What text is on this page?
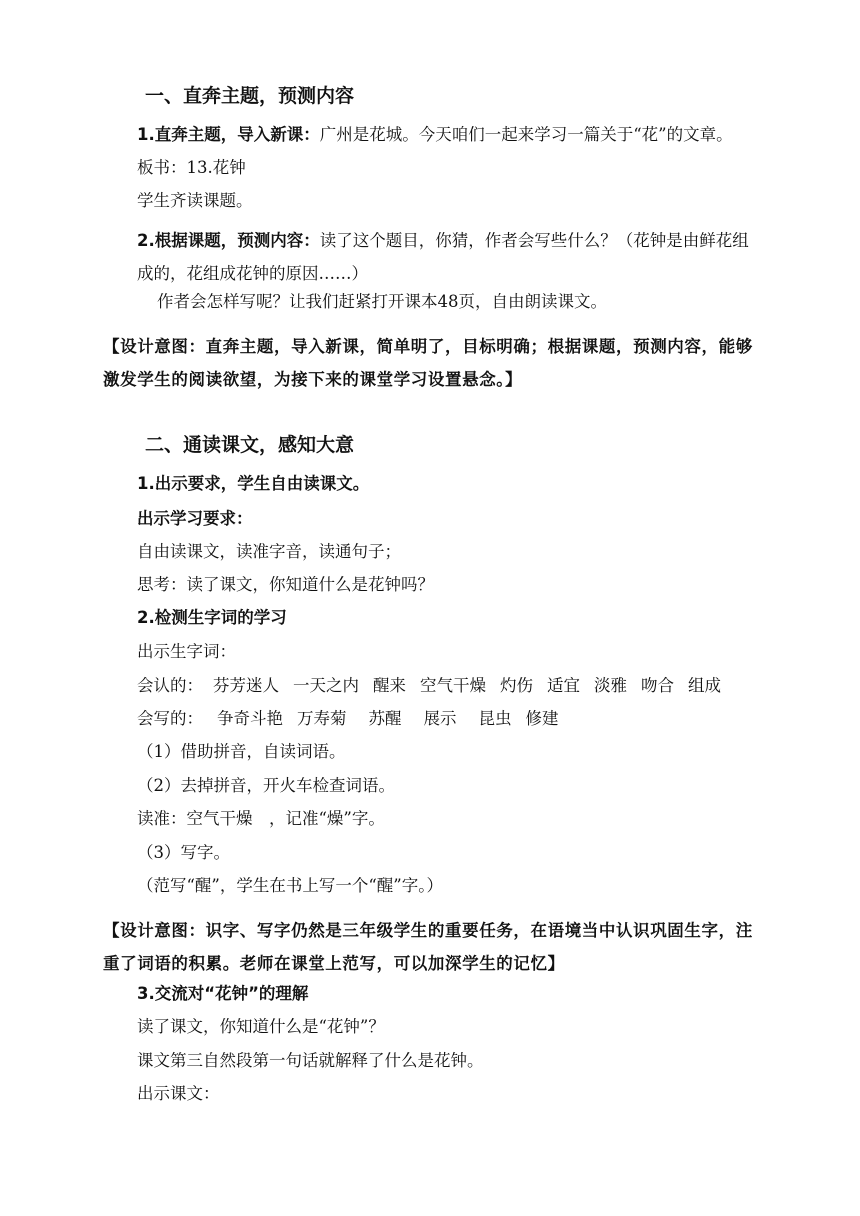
一、直奔主题，预测内容
1.直奔主题，导入新课：广州是花城。今天咱们一起来学习一篇关于“花”的文章。
板书：13.花钟
学生齐读课题。
2.根据课题，预测内容：读了这个题目，你猜，作者会写些什么？（花钟是由鲜花组成的，花组成花钟的原因……）
作者会怎样写呢？让我们赶紧打开课本48页，自由朗读课文。
【设计意图：直奔主题，导入新课，简单明了，目标明确；根据课题，预测内容，能够激发学生的阅读欲望，为接下来的课堂学习设置悬念。】
二、通读课文，感知大意
1.出示要求，学生自由读课文。
出示学习要求：
自由读课文，读准字音，读通句子；
思考：读了课文，你知道什么是花钟吗？
2.检测生字词的学习
出示生字词：
会认的： 芬芳迷人 一天之内 醒来 空气干燥 灼伤 适宜 淡雅 吻合 组成
会写的： 争奇斗艳 万寿菊 苏醒 展示 昆虫 修建
（1）借助拼音，自读词语。
（2）去掉拼音，开火车检查词语。
读准：空气干燥　，记准“燥”字。
（3）写字。
（范写“醒”，学生在书上写一个“醒”字。）
【设计意图：识字、写字仍然是三年级学生的重要任务，在语境当中认识巩固生字，注重了词语的积累。老师在课堂上范写，可以加深学生的记忆】
3.交流对“花钟”的理解
读了课文，你知道什么是“花钟”？
课文第三自然段第一句话就解释了什么是花钟。
出示课文：
